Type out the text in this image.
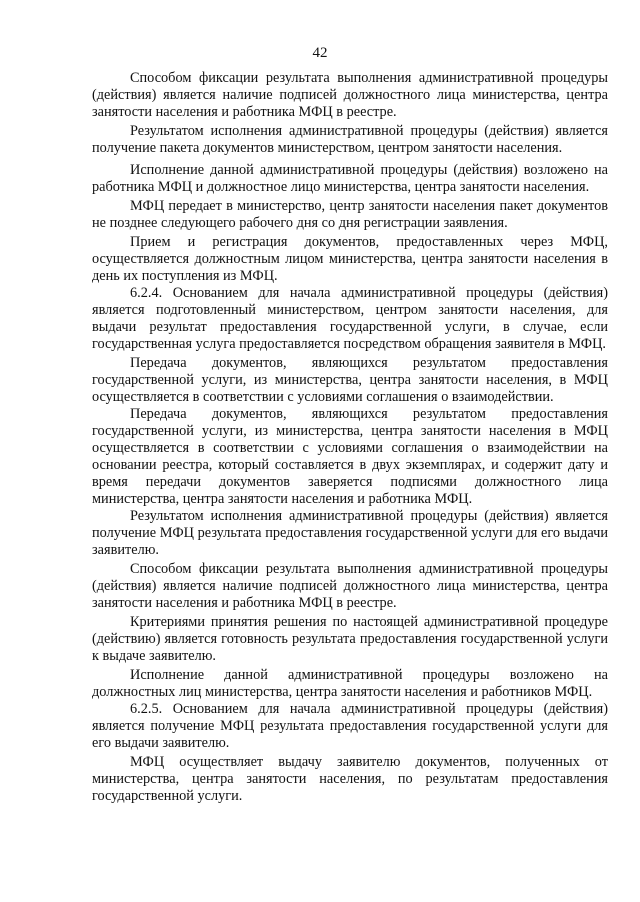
42

Способом фиксации результата выполнения административной процедуры (действия) является наличие подписей должностного лица министерства, центра занятости населения и работника МФЦ в реестре.

Результатом исполнения административной процедуры (действия) является получение пакета документов министерством, центром занятости населения.

Исполнение данной административной процедуры (действия) возложено на работника МФЦ и должностное лицо министерства, центра занятости населения.

МФЦ передает в министерство, центр занятости населения пакет документов не позднее следующего рабочего дня со дня регистрации заявления.

Прием и регистрация документов, предоставленных через МФЦ, осуществляется должностным лицом министерства, центра занятости населения в день их поступления из МФЦ.

6.2.4. Основанием для начала административной процедуры (действия) является подготовленный министерством, центром занятости населения, для выдачи результат предоставления государственной услуги, в случае, если государственная услуга предоставляется посредством обращения заявителя в МФЦ.

Передача документов, являющихся результатом предоставления государственной услуги, из министерства, центра занятости населения, в МФЦ осуществляется в соответствии с условиями соглашения о взаимодействии.

Передача документов, являющихся результатом предоставления государственной услуги, из министерства, центра занятости населения в МФЦ осуществляется в соответствии с условиями соглашения о взаимодействии на основании реестра, который составляется в двух экземплярах, и содержит дату и время передачи документов заверяется подписями должностного лица министерства, центра занятости населения и работника МФЦ.

Результатом исполнения административной процедуры (действия) является получение МФЦ результата предоставления государственной услуги для его выдачи заявителю.

Способом фиксации результата выполнения административной процедуры (действия) является наличие подписей должностного лица министерства, центра занятости населения и работника МФЦ в реестре.

Критериями принятия решения по настоящей административной процедуре (действию) является готовность результата предоставления государственной услуги к выдаче заявителю.

Исполнение данной административной процедуры возложено на должностных лиц министерства, центра занятости населения и работников МФЦ.

6.2.5. Основанием для начала административной процедуры (действия) является получение МФЦ результата предоставления государственной услуги для его выдачи заявителю.

МФЦ осуществляет выдачу заявителю документов, полученных от министерства, центра занятости населения, по результатам предоставления государственной услуги.
